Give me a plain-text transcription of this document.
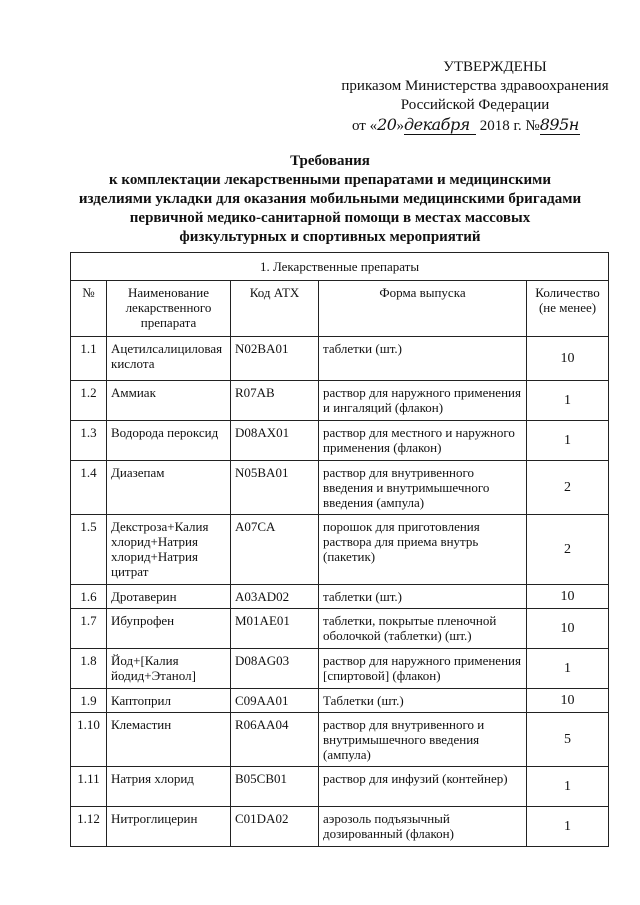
УТВЕРЖДЕНЫ
приказом Министерства здравоохранения
Российской Федерации
от «20»декабря 2018 г. №895н
Требования
к комплектации лекарственными препаратами и медицинскими
изделиями укладки для оказания мобильными медицинскими бригадами
первичной медико-санитарной помощи в местах массовых
физкультурных и спортивных мероприятий
1. Лекарственные препараты				
№	Наименование лекарственного препарата	Код АТХ	Форма выпуска	Количество (не менее)
1.1	Ацетилсалициловая кислота	N02BA01	таблетки (шт.)	10
1.2	Аммиак	R07AB	раствор для наружного применения и ингаляций (флакон)	1
1.3	Водорода пероксид	D08AX01	раствор для местного и наружного применения (флакон)	1
1.4	Диазепам	N05BA01	раствор для внутривенного введения и внутримышечного введения (ампула)	2
1.5	Декстроза+Калия хлорид+Натрия хлорид+Натрия цитрат	A07CA	порошок для приготовления раствора для приема внутрь (пакетик)	2
1.6	Дротаверин	A03AD02	таблетки (шт.)	10
1.7	Ибупрофен	M01AE01	таблетки, покрытые пленочной оболочкой (таблетки) (шт.)	10
1.8	Йод+[Калия йодид+Этанол]	D08AG03	раствор для наружного применения [спиртовой] (флакон)	1
1.9	Каптоприл	C09AA01	Таблетки (шт.)	10
1.10	Клемастин	R06AA04	раствор для внутривенного и внутримышечного введения (ампула)	5
1.11	Натрия хлорид	B05CB01	раствор для инфузий (контейнер)	1
1.12	Нитроглицерин	C01DA02	аэрозоль подъязычный дозированный (флакон)	1
